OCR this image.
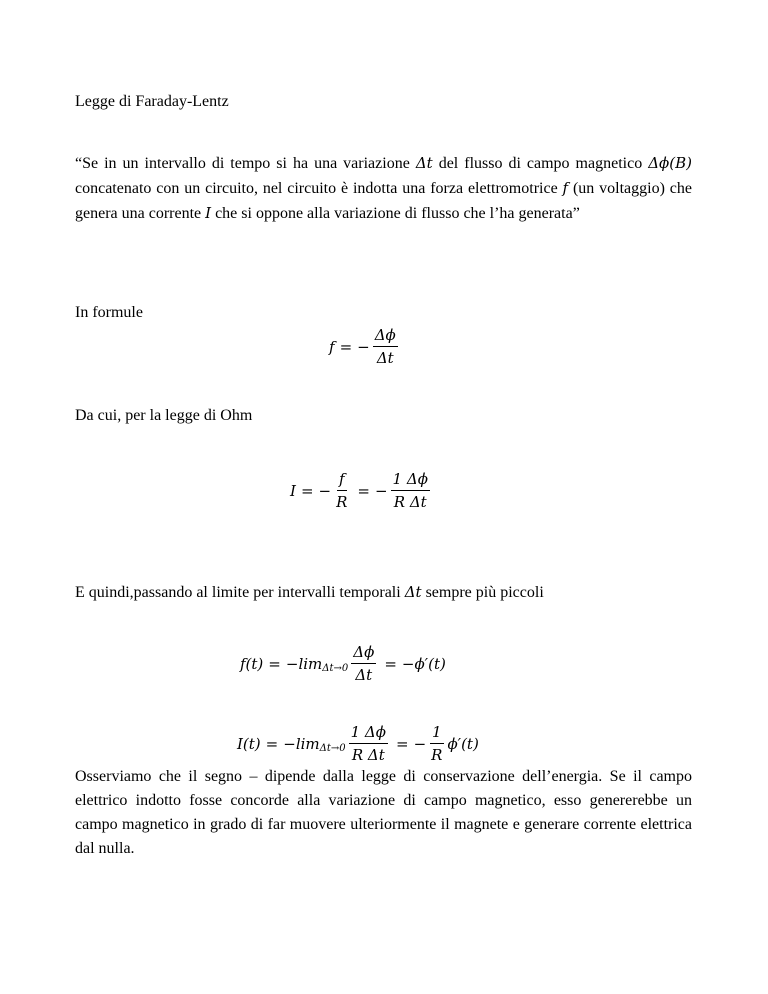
Legge di Faraday-Lentz

“Se in un intervallo di tempo si ha una variazione Δt del flusso di campo magnetico Δϕ(B) concatenato con un circuito, nel circuito è indotta una forza elettromotrice f (un voltaggio) che genera una corrente I che si oppone alla variazione di flusso che l’ha generata”

In formule

f = − $\frac{\Delta\phi}{\Delta t}$

Da cui, per la legge di Ohm

I = − $\frac{f}{R}$ = − $\frac{1 \Delta\phi}{\text{R Δt}}$

E quindi,passando al limite per intervalli temporali Δt sempre più piccoli

f(t) = −lim $\Delta t\to 0 \frac{\Delta\phi}{\Delta t} = -\phi'(t)$
I(t) = −lim $\Delta t\to 0 \frac{1 \Delta\phi}{\text{R Δt}}$ = − $\frac{1}{R} \phi'(t)$

Osserviamo che il segno – dipende dalla legge di conservazione dell’energia. Se il campo elettrico indotto fosse concorde alla variazione di campo magnetico, esso genererebbe un campo magnetico in grado di far muovere ulteriormente il magnete e generare corrente elettrica dal nulla.
